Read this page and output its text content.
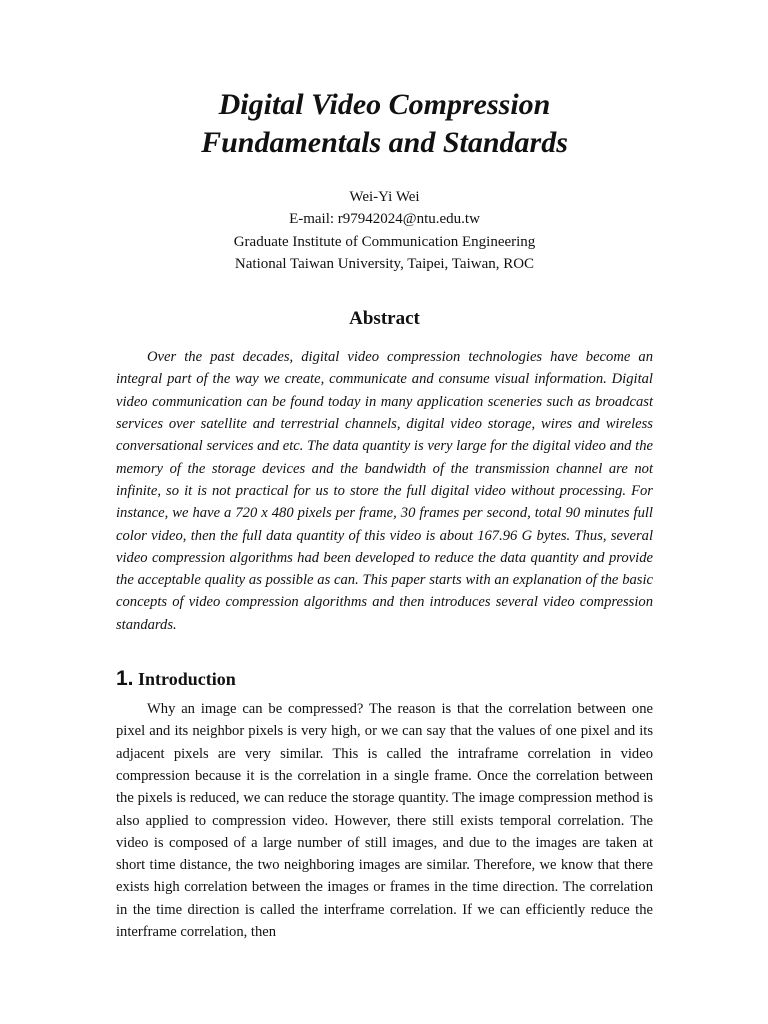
Digital Video Compression
Fundamentals and Standards
Wei-Yi Wei
E-mail: r97942024@ntu.edu.tw
Graduate Institute of Communication Engineering
National Taiwan University, Taipei, Taiwan, ROC
Abstract

Over the past decades, digital video compression technologies have become an integral part of the way we create, communicate and consume visual information. Digital video communication can be found today in many application sceneries such as broadcast services over satellite and terrestrial channels, digital video storage, wires and wireless conversational services and etc. The data quantity is very large for the digital video and the memory of the storage devices and the bandwidth of the transmission channel are not infinite, so it is not practical for us to store the full digital video without processing. For instance, we have a 720 x 480 pixels per frame, 30 frames per second, total 90 minutes full color video, then the full data quantity of this video is about 167.96 G bytes. Thus, several video compression algorithms had been developed to reduce the data quantity and provide the acceptable quality as possible as can. This paper starts with an explanation of the basic concepts of video compression algorithms and then introduces several video compression standards.

1. Introduction

Why an image can be compressed? The reason is that the correlation between one pixel and its neighbor pixels is very high, or we can say that the values of one pixel and its adjacent pixels are very similar. This is called the intraframe correlation in video compression because it is the correlation in a single frame. Once the correlation between the pixels is reduced, we can reduce the storage quantity. The image compression method is also applied to compression video. However, there still exists temporal correlation. The video is composed of a large number of still images, and due to the images are taken at short time distance, the two neighboring images are similar. Therefore, we know that there exists high correlation between the images or frames in the time direction. The correlation in the time direction is called the interframe correlation. If we can efficiently reduce the interframe correlation, then
